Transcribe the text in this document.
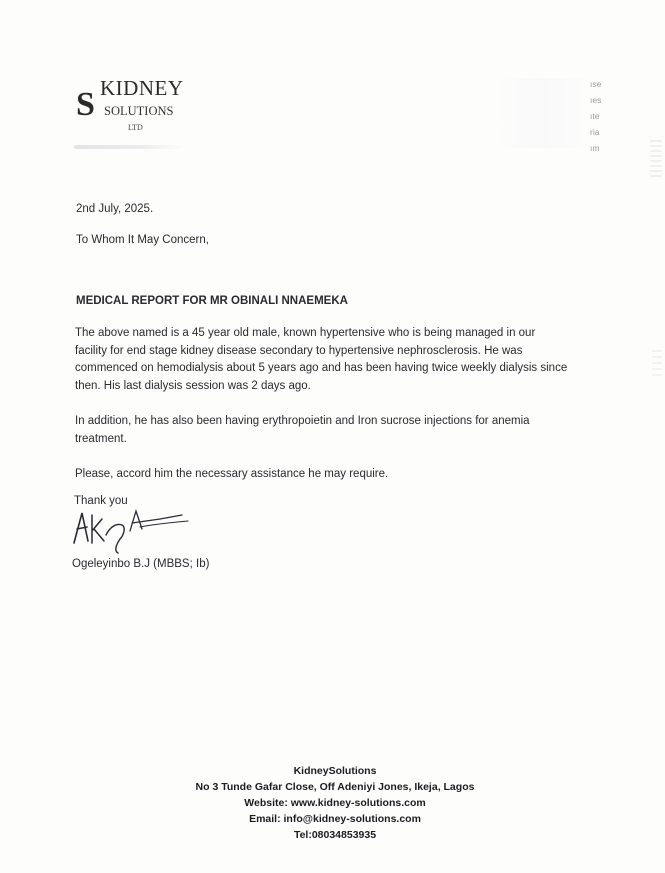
S KIDNEY
SOLUTIONS
LTD
ıse
ıes
ıte
ria
ım
2nd July, 2025.
To Whom It May Concern,
MEDICAL REPORT FOR MR OBINALI NNAEMEKA
The above named is a 45 year old male, known hypertensive who is being managed in our
facility for end stage kidney disease secondary to hypertensive nephrosclerosis. He was
commenced on hemodialysis about 5 years ago and has been having twice weekly dialysis since
then. His last dialysis session was 2 days ago.
In addition, he has also been having erythropoietin and Iron sucrose injections for anemia
treatment.
Please, accord him the necessary assistance he may require.
Thank you
Ogeleyinbo B.J (MBBS; Ib)
KidneySolutions
No 3 Tunde Gafar Close, Off Adeniyi Jones, Ikeja, Lagos
Website: www.kidney-solutions.com
Email: info@kidney-solutions.com
Tel:08034853935
